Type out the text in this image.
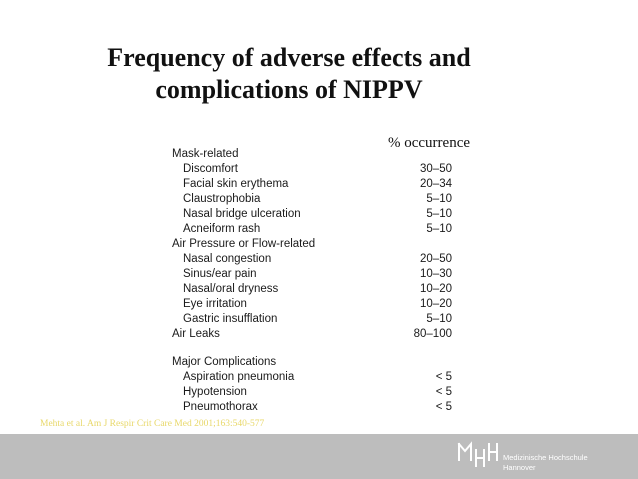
Frequency of adverse effects and
complications of NIPPV
% occurrence
Mask-related
Discomfort	30–50
Facial skin erythema	20–34
Claustrophobia	5–10
Nasal bridge ulceration	5–10
Acneiform rash	5–10
Air Pressure or Flow-related
Nasal congestion	20–50
Sinus/ear pain	10–30
Nasal/oral dryness	10–20
Eye irritation	10–20
Gastric insufflation	5–10
Air Leaks	80–100
Major Complications
Aspiration pneumonia	< 5
Hypotension	< 5
Pneumothorax	< 5
Mehta et al. Am J Respir Crit Care Med 2001;163:540-577
Medizinische Hochschule
Hannover
